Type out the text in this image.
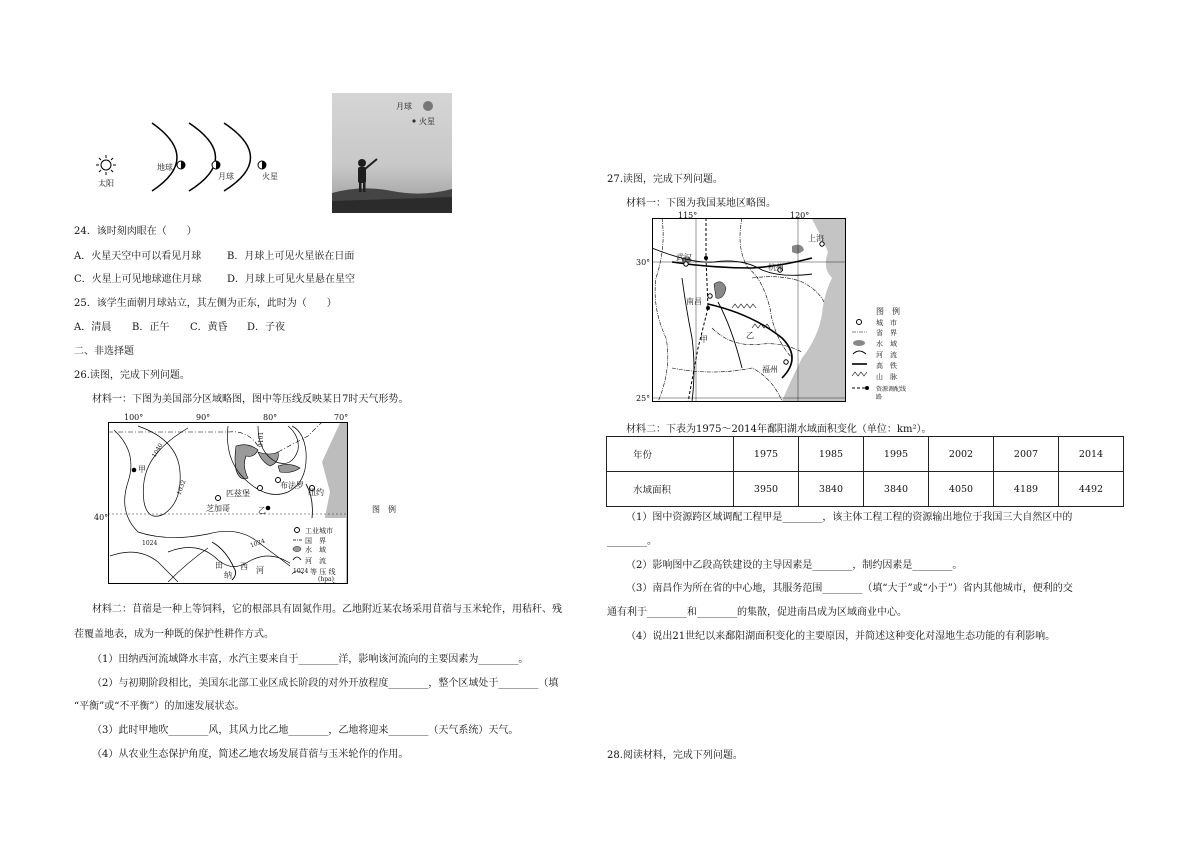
太阳
地球
月球	火星
月球
火星
24．该时刻肉眼在（　　）
A．火星天空中可以看见月球	B．月球上可见火星嵌在日面
C．火星上可见地球遮住月球	D．月球上可见火星悬在星空
25．该学生面朝月球站立，其左侧为正东，此时为（　　）
A．清晨 B．正午 C．黄昏 D．子夜
二、非选择题
26.读图，完成下列问题。
材料一：下图为美国部分区域略图，图中等压线反映某日7时天气形势。
100°	90°	80°	70°
40°
1040
1032
1016
1024	1024
甲
芝加哥
匹兹堡
布法罗
纽约
乙
田
纳
西 河
图　例
工业城市
国　界
水　域
河　流
1024 等 压 线
(hpa)
材料二：苜蓿是一种上等饲料，它的根部具有固氮作用。乙地附近某农场采用苜蓿与玉米轮作，用秸秆、残
茬覆盖地表，成为一种既的保护性耕作方式。
（1）田纳西河流域降水丰富，水汽主要来自于________洋，影响该河流向的主要因素为________。
（2）与初期阶段相比，美国东北部工业区成长阶段的对外开放程度________，整个区域处于________（填
“平衡”或“不平衡”）的加速发展状态。
（3）此时甲地吹________风，其风力比乙地________，乙地将迎来________（天气系统）天气。
（4）从农业生态保护角度，简述乙地农场发展苜蓿与玉米轮作的作用。
27.读图，完成下列问题。
材料一：下图为我国某地区略图。
115°	120°
30°
25°
武汉
南昌
杭州
福州
上海
甲	乙
图　例
城　市
省　界
水　域
河　流
高　铁
山　脉
资源调配线路
材料二：下表为1975～2014年鄱阳湖水域面积变化（单位：km²）。
年份	1975	1985	1995	2002	2007	2014
水域面积	3950	3840	3840	4050	4189	4492
（1）图中资源跨区域调配工程甲是________，该主体工程工程的资源输出地位于我国三大自然区中的
________。
（2）影响图中乙段高铁建设的主导因素是________，制约因素是________。
（3）南昌作为所在省的中心地，其服务范围________（填“大于”或“小于”）省内其他城市，便利的交
通有利于________和________的集散，促进南昌成为区域商业中心。
（4）说出21世纪以来鄱阳湖面积变化的主要原因，并简述这种变化对湿地生态功能的有利影响。
28.阅读材料，完成下列问题。
